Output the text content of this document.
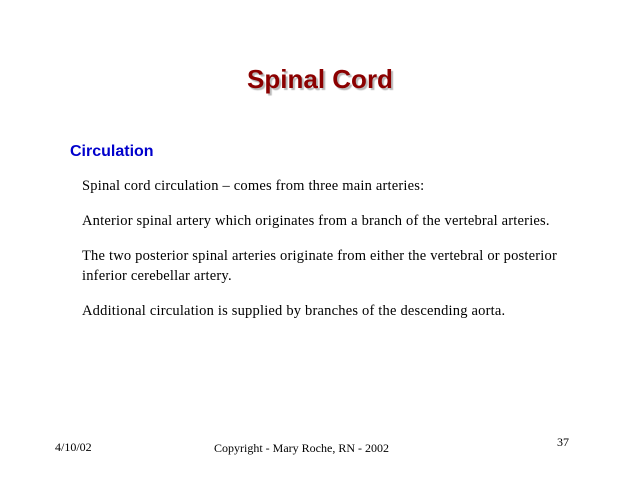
Spinal Cord
Circulation

Spinal cord circulation – comes from three main arteries:

Anterior spinal artery which originates from a branch of the vertebral arteries.

The two posterior spinal arteries originate from either the vertebral or posterior inferior cerebellar artery.

Additional circulation is supplied by branches of the descending aorta.

4/10/02	Copyright - Mary Roche, RN - 2002	37
